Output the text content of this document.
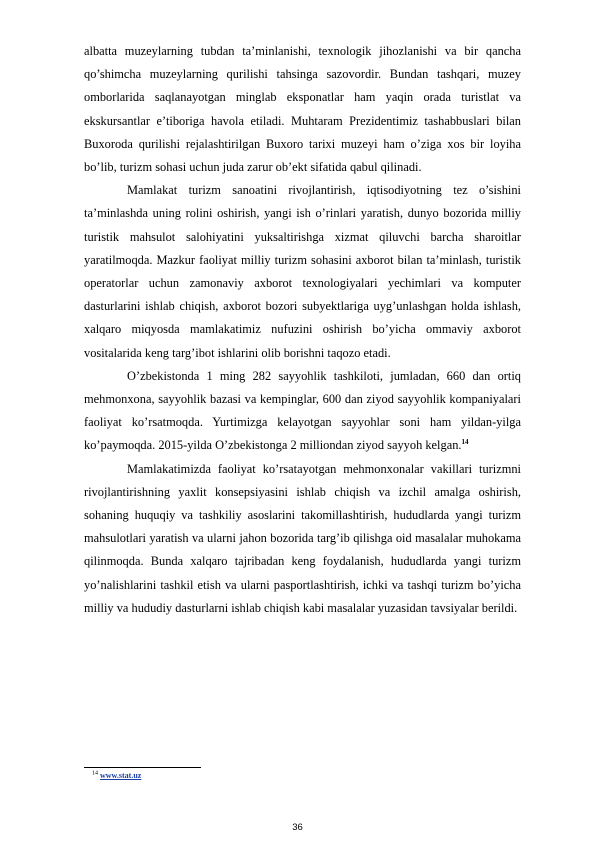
albatta muzeylarning tubdan ta’minlanishi, texnologik jihozlanishi va bir qancha qo’shimcha muzeylarning qurilishi tahsinga sazovordir. Bundan tashqari, muzey omborlarida saqlanayotgan minglab eksponatlar ham yaqin orada turistlat va ekskursantlar e’tiboriga havola etiladi. Muhtaram Prezidentimiz tashabbuslari bilan Buxoroda qurilishi rejalashtirilgan Buxoro tarixi muzeyi ham o’ziga xos bir loyiha bo’lib, turizm sohasi uchun juda zarur ob’ekt sifatida qabul qilinadi.

Mamlakat turizm sanoatini rivojlantirish, iqtisodiyotning tez o’sishini ta’minlashda uning rolini oshirish, yangi ish o’rinlari yaratish, dunyo bozorida milliy turistik mahsulot salohiyatini yuksaltirishga xizmat qiluvchi barcha sharoitlar yaratilmoqda. Mazkur faoliyat milliy turizm sohasini axborot bilan ta’minlash, turistik operatorlar uchun zamonaviy axborot texnologiyalari yechimlari va komputer dasturlarini ishlab chiqish, axborot bozori subyektlariga uyg’unlashgan holda ishlash, xalqaro miqyosda mamlakatimiz nufuzini oshirish bo’yicha ommaviy axborot vositalarida keng targ’ibot ishlarini olib borishni taqozo etadi.

O’zbekistonda 1 ming 282 sayyohlik tashkiloti, jumladan, 660 dan ortiq mehmonxona, sayyohlik bazasi va kempinglar, 600 dan ziyod sayyohlik kompaniyalari faoliyat ko’rsatmoqda. Yurtimizga kelayotgan sayyohlar soni ham yildan-yilga ko’paymoqda. 2015-yilda O’zbekistonga 2 milliondan ziyod sayyoh kelgan.$^{14}$

Mamlakatimizda faoliyat ko’rsatayotgan mehmonxonalar vakillari turizmni rivojlantirishning yaxlit konsepsiyasini ishlab chiqish va izchil amalga oshirish, sohaning huquqiy va tashkiliy asoslarini takomillashtirish, hududlarda yangi turizm mahsulotlari yaratish va ularni jahon bozorida targ’ib qilishga oid masalalar muhokama qilinmoqda. Bunda xalqaro tajribadan keng foydalanish, hududlarda yangi turizm yo’nalishlarini tashkil etish va ularni pasportlashtirish, ichki va tashqi turizm bo’yicha milliy va hududiy dasturlarni ishlab chiqish kabi masalalar yuzasidan tavsiyalar berildi.

$^{14}$ www.stat.uz
36
